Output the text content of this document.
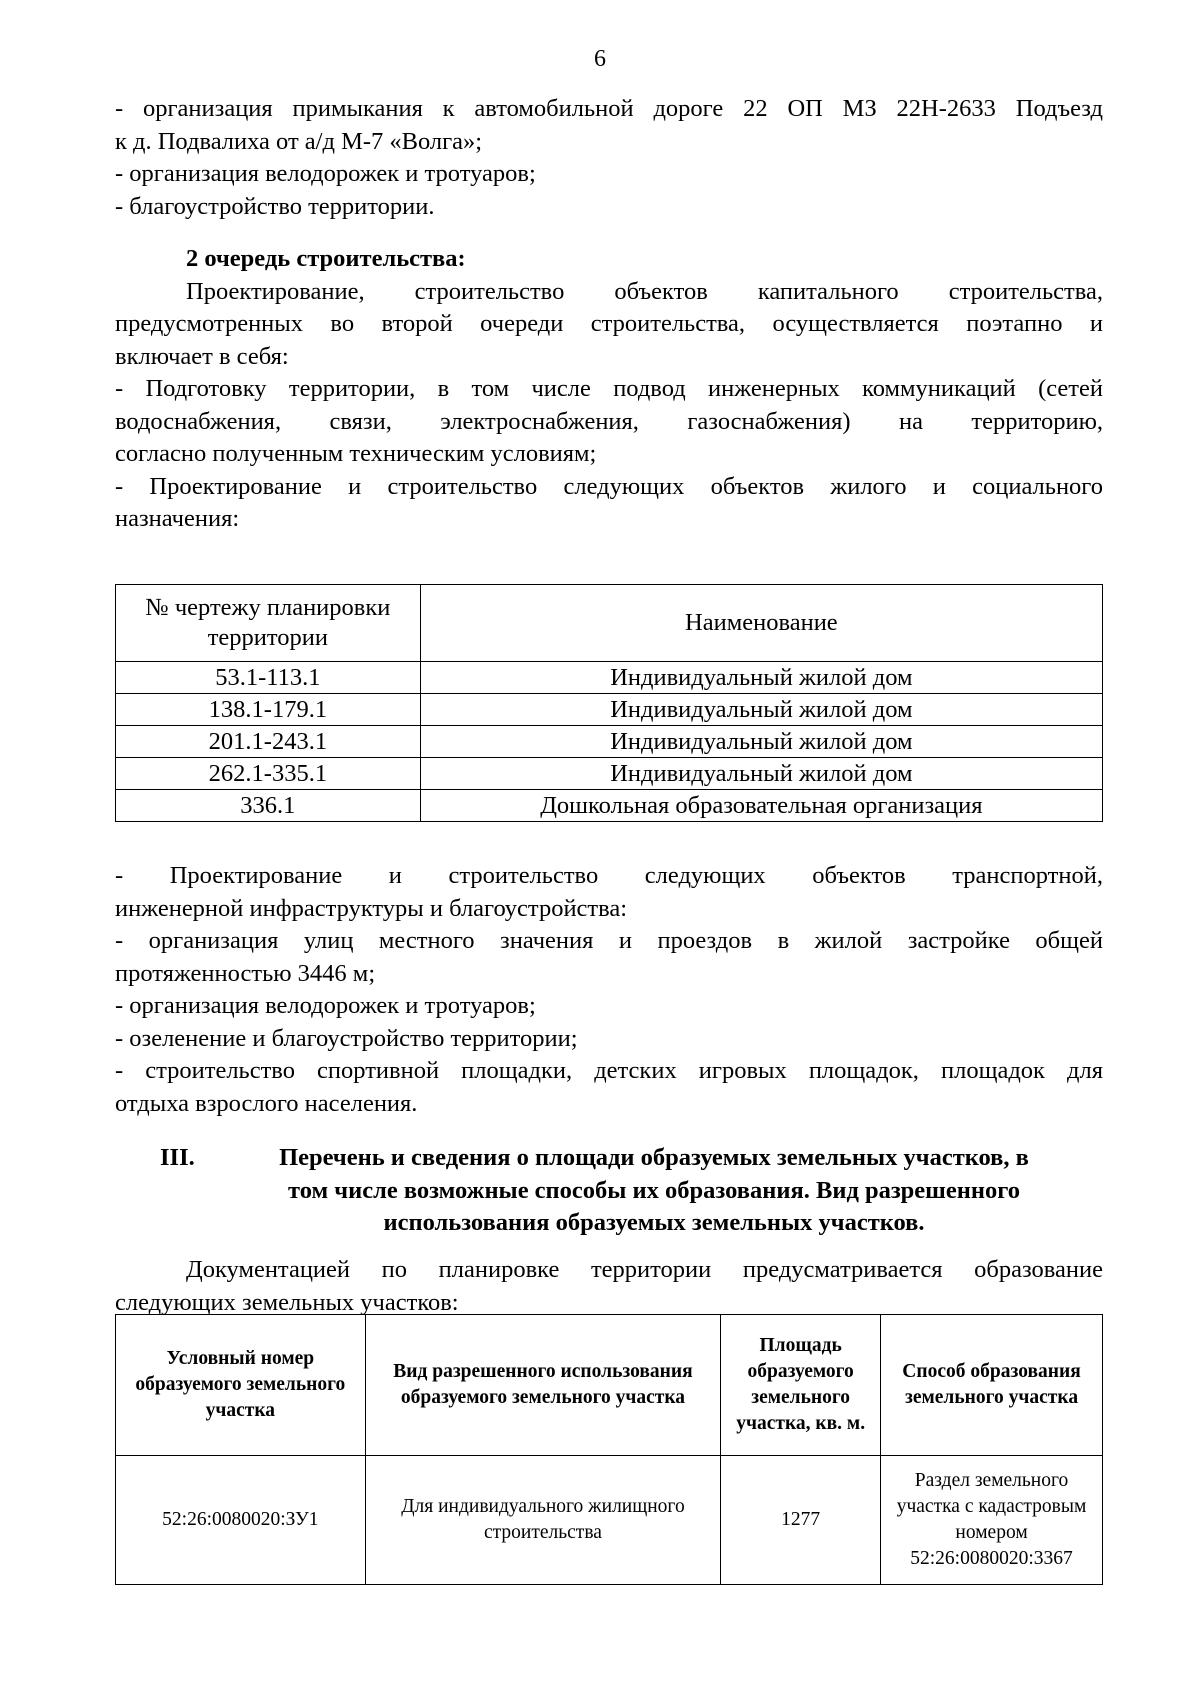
6
- организация примыкания к автомобильной дороге 22 ОП МЗ 22Н-2633 Подъезд
к д. Подвалиха от а/д М-7 «Волга»;
- организация велодорожек и тротуаров;
- благоустройство территории.
2 очередь строительства:
Проектирование, строительство объектов капитального строительства,
предусмотренных во второй очереди строительства, осуществляется поэтапно и
включает в себя:
- Подготовку территории, в том числе подвод инженерных коммуникаций (сетей
водоснабжения, связи, электроснабжения, газоснабжения) на территорию,
согласно полученным техническим условиям;
- Проектирование и строительство следующих объектов жилого и социального
назначения:
№ чертежу планировки территории	Наименование
53.1-113.1	Индивидуальный жилой дом
138.1-179.1	Индивидуальный жилой дом
201.1-243.1	Индивидуальный жилой дом
262.1-335.1	Индивидуальный жилой дом
336.1	Дошкольная образовательная организация
- Проектирование и строительство следующих объектов транспортной,
инженерной инфраструктуры и благоустройства:
- организация улиц местного значения и проездов в жилой застройке общей
протяженностью 3446 м;
- организация велодорожек и тротуаров;
- озеленение и благоустройство территории;
- строительство спортивной площадки, детских игровых площадок, площадок для
отдыха взрослого населения.
III.	Перечень и сведения о площади образуемых земельных участков, в
том числе возможные способы их образования. Вид разрешенного
использования образуемых земельных участков.
Документацией по планировке территории предусматривается образование
следующих земельных участков:
Условный номер образуемого земельного участка	Вид разрешенного использования образуемого земельного участка	Площадь образуемого земельного участка, кв. м.	Способ образования земельного участка
52:26:0080020:ЗУ1	Для индивидуального жилищного строительства	1277	Раздел земельного участка с кадастровым номером 52:26:0080020:3367
